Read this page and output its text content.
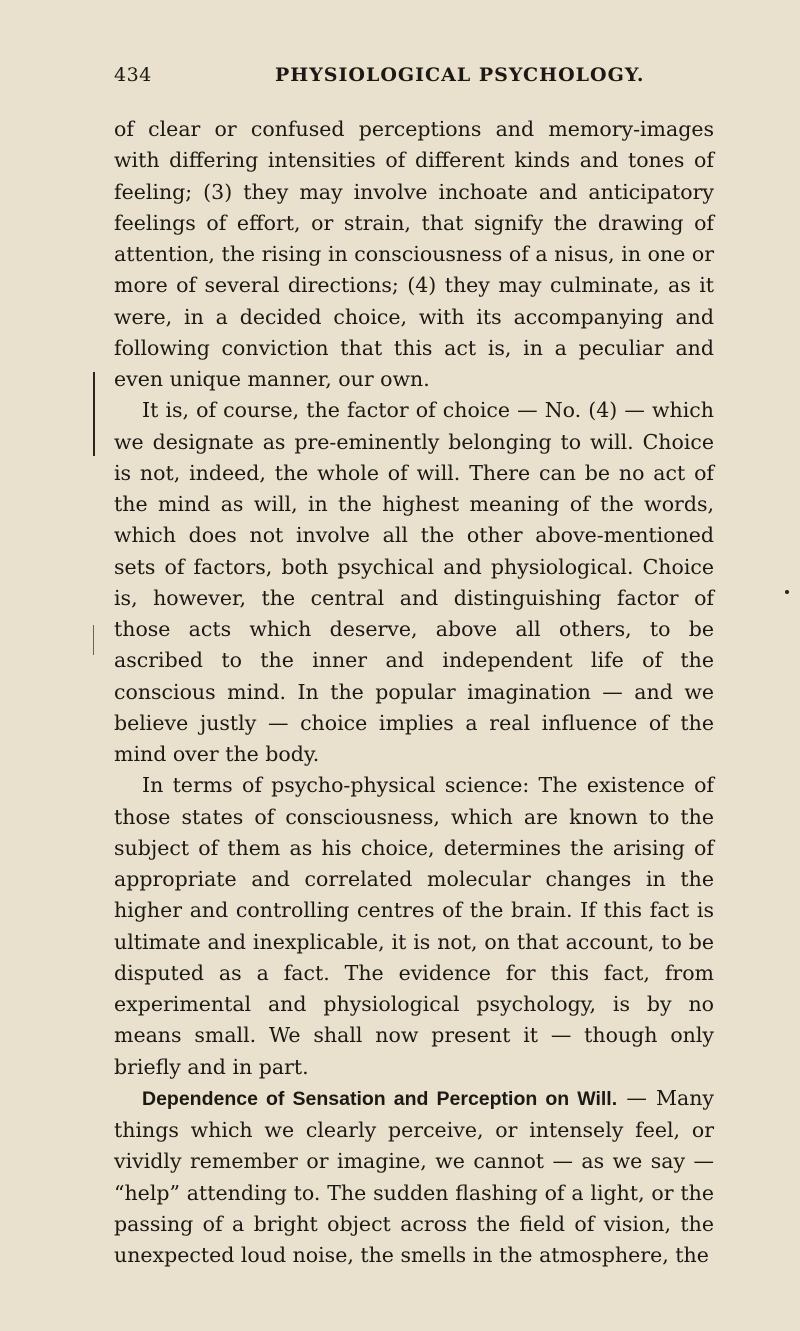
434	PHYSIOLOGICAL PSYCHOLOGY.

of clear or confused perceptions and memory-images with differing intensities of different kinds and tones of feeling; (3) they may involve inchoate and anticipatory feelings of effort, or strain, that signify the drawing of attention, the rising in consciousness of a nisus, in one or more of several directions; (4) they may culminate, as it were, in a decided choice, with its accompanying and following conviction that this act is, in a peculiar and even unique manner, our own.

It is, of course, the factor of choice — No. (4) — which we designate as pre-eminently belonging to will. Choice is not, indeed, the whole of will. There can be no act of the mind as will, in the highest meaning of the words, which does not involve all the other above-mentioned sets of factors, both psychical and physiological. Choice is, however, the central and distinguishing factor of those acts which deserve, above all others, to be ascribed to the inner and independent life of the conscious mind. In the popular imagination — and we believe justly — choice implies a real influence of the mind over the body.

In terms of psycho-physical science: The existence of those states of consciousness, which are known to the subject of them as his choice, determines the arising of appropriate and correlated molecular changes in the higher and controlling centres of the brain. If this fact is ultimate and inexplicable, it is not, on that account, to be disputed as a fact. The evidence for this fact, from experimental and physiological psychology, is by no means small. We shall now present it — though only briefly and in part.

Dependence of Sensation and Perception on Will. — Many things which we clearly perceive, or intensely feel, or vividly remember or imagine, we cannot — as we say — “help” attending to. The sudden flashing of a light, or the passing of a bright object across the field of vision, the unexpected loud noise, the smells in the atmosphere, the
